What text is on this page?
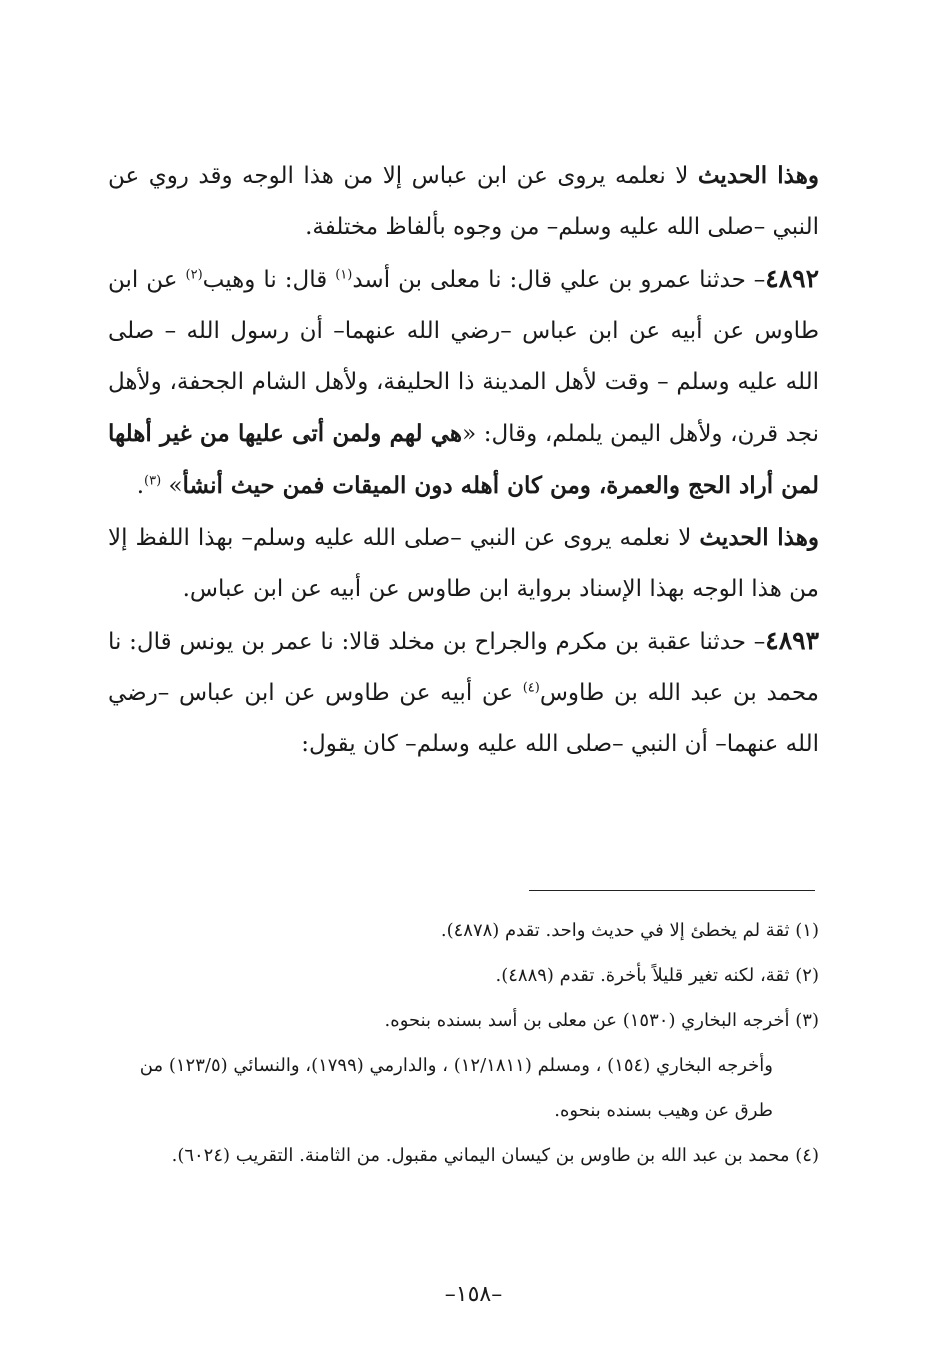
وهذا الحديث لا نعلمه يروى عن ابن عباس إلا من هذا الوجه وقد روي عن النبي –صلى الله عليه وسلم– من وجوه بألفاظ مختلفة.

٤٨٩٢– حدثنا عمرو بن علي قال: نا معلى بن أسد$^{(١)}$ قال: نا وهيب$^{(٢)}$ عن ابن طاوس عن أبيه عن ابن عباس –رضي الله عنهما– أن رسول الله – صلى الله عليه وسلم – وقت لأهل المدينة ذا الحليفة، ولأهل الشام الجحفة، ولأهل نجد قرن، ولأهل اليمن يلملم، وقال: «هي لهم ولمن أتى عليها من غير أهلها لمن أراد الحج والعمرة، ومن كان أهله دون الميقات فمن حيث أنشأ» $^{(٣)}$.

وهذا الحديث لا نعلمه يروى عن النبي –صلى الله عليه وسلم– بهذا اللفظ إلا من هذا الوجه بهذا الإسناد برواية ابن طاوس عن أبيه عن ابن عباس.

٤٨٩٣– حدثنا عقبة بن مكرم والجراح بن مخلد قالا: نا عمر بن يونس قال: نا محمد بن عبد الله بن طاوس$^{(٤)}$ عن أبيه عن طاوس عن ابن عباس –رضي الله عنهما– أن النبي –صلى الله عليه وسلم– كان يقول:

(١) ثقة لم يخطئ إلا في حديث واحد. تقدم (٤٨٧٨).

(٢) ثقة، لكنه تغير قليلاً بأخرة. تقدم (٤٨٨٩).

(٣) أخرجه البخاري (١٥٣٠) عن معلى بن أسد بسنده بنحوه.

وأخرجه البخاري (١٥٤) ، ومسلم (١٢/١٨١١) ، والدارمي (١٧٩٩)، والنسائي (١٢٣/٥) من طرق عن وهيب بسنده بنحوه.

(٤) محمد بن عبد الله بن طاوس بن كيسان اليماني مقبول. من الثامنة. التقريب (٦٠٢٤).

–١٥٨–
